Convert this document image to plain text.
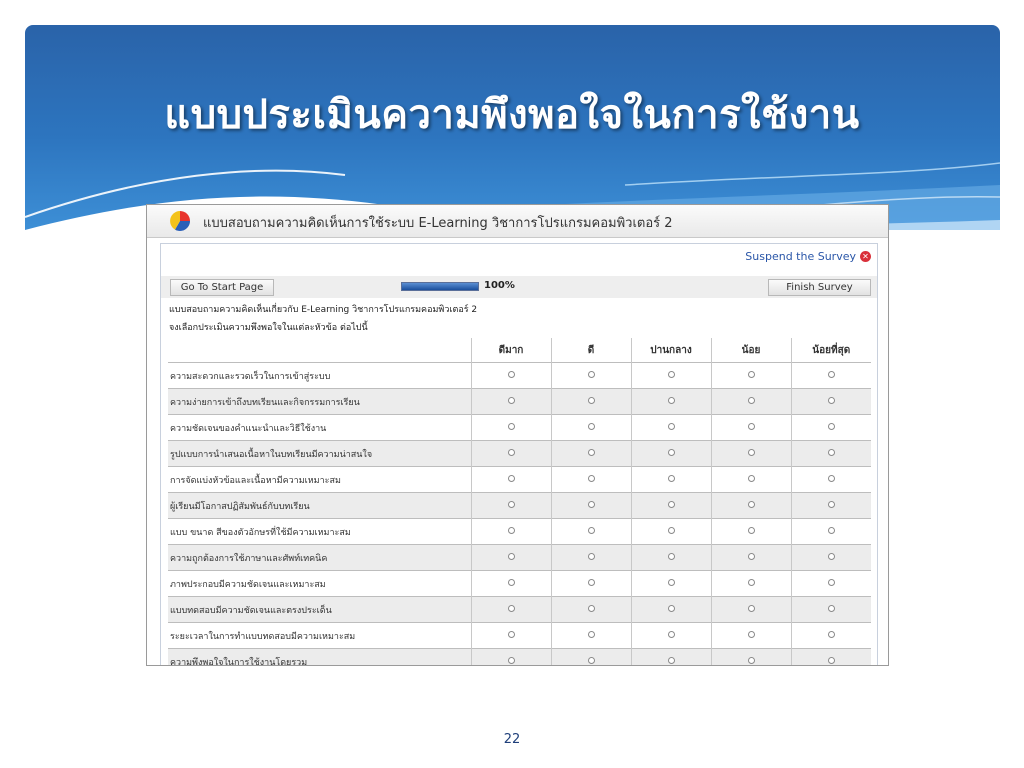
แบบประเมินความพึงพอใจในการใช้งาน
แบบสอบถามความคิดเห็นการใช้ระบบ E-Learning วิชาการโปรแกรมคอมพิวเตอร์ 2
Suspend the Survey ✕
Go To Start Page	100%	Finish Survey
แบบสอบถามความคิดเห็นเกี่ยวกับ E-Learning วิชาการโปรแกรมคอมพิวเตอร์ 2
จงเลือกประเมินความพึงพอใจในแต่ละหัวข้อ ต่อไปนี้
	ดีมาก	ดี	ปานกลาง	น้อย	น้อยที่สุด
ความสะดวกและรวดเร็วในการเข้าสู่ระบบ					
ความง่ายการเข้าถึงบทเรียนและกิจกรรมการเรียน					
ความชัดเจนของคำแนะนำและวิธีใช้งาน					
รูปแบบการนำเสนอเนื้อหาในบทเรียนมีความน่าสนใจ					
การจัดแบ่งหัวข้อและเนื้อหามีความเหมาะสม					
ผู้เรียนมีโอกาสปฏิสัมพันธ์กับบทเรียน					
แบบ ขนาด สีของตัวอักษรที่ใช้มีความเหมาะสม					
ความถูกต้องการใช้ภาษาและศัพท์เทคนิค					
ภาพประกอบมีความชัดเจนและเหมาะสม					
แบบทดสอบมีความชัดเจนและตรงประเด็น					
ระยะเวลาในการทำแบบทดสอบมีความเหมาะสม					
ความพึงพอใจในการใช้งานโดยรวม					
22
